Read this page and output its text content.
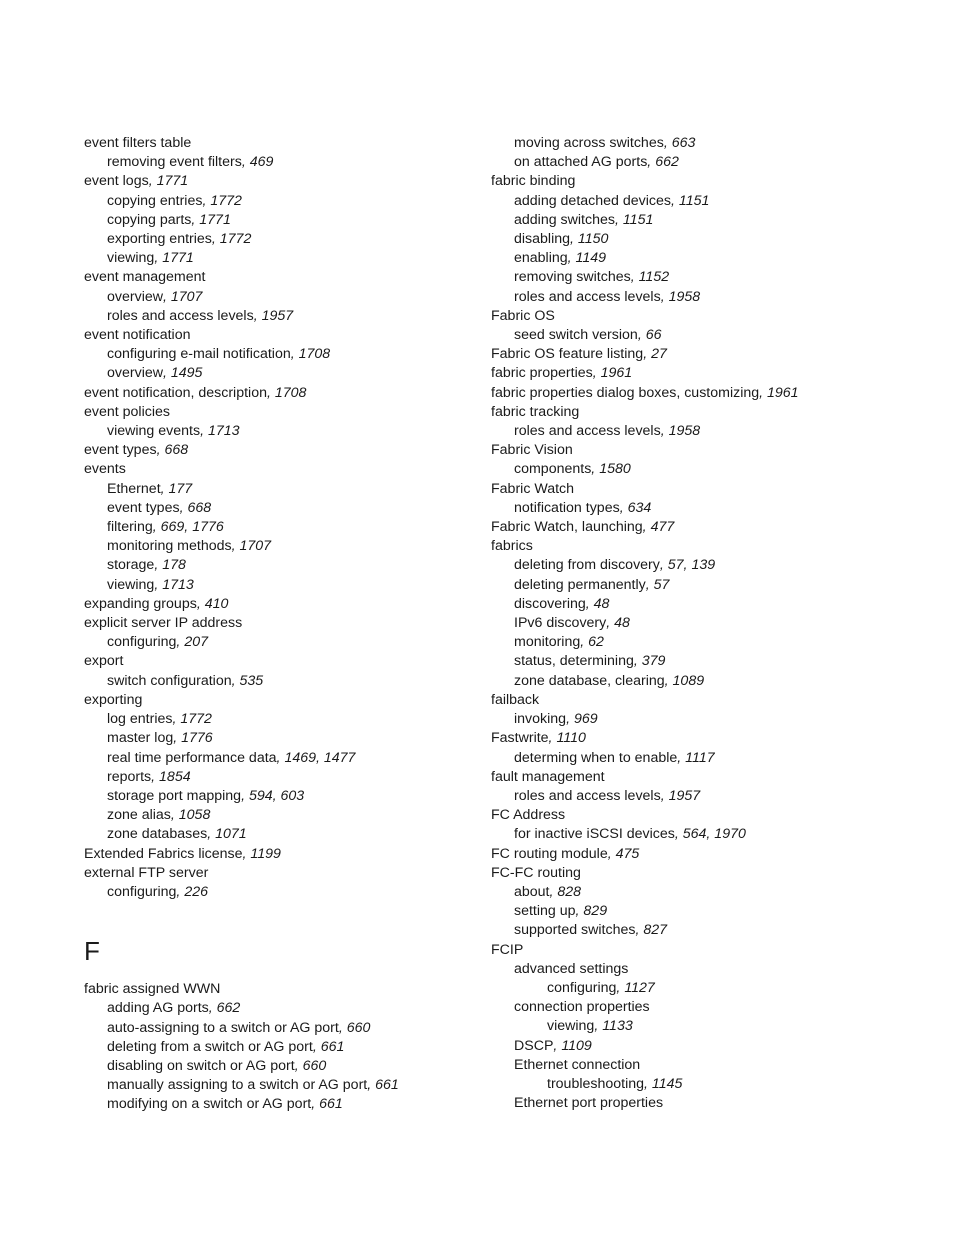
event filters table
removing event filters, 469
event logs, 1771
copying entries, 1772
copying parts, 1771
exporting entries, 1772
viewing, 1771
event management
overview, 1707
roles and access levels, 1957
event notification
configuring e-mail notification, 1708
overview, 1495
event notification, description, 1708
event policies
viewing events, 1713
event types, 668
events
Ethernet, 177
event types, 668
filtering, 669, 1776
monitoring methods, 1707
storage, 178
viewing, 1713
expanding groups, 410
explicit server IP address
configuring, 207
export
switch configuration, 535
exporting
log entries, 1772
master log, 1776
real time performance data, 1469, 1477
reports, 1854
storage port mapping, 594, 603
zone alias, 1058
zone databases, 1071
Extended Fabrics license, 1199
external FTP server
configuring, 226
F
fabric assigned WWN
adding AG ports, 662
auto-assigning to a switch or AG port, 660
deleting from a switch or AG port, 661
disabling on switch or AG port, 660
manually assigning to a switch or AG port, 661
modifying on a switch or AG port, 661
moving across switches, 663
on attached AG ports, 662
fabric binding
adding detached devices, 1151
adding switches, 1151
disabling, 1150
enabling, 1149
removing switches, 1152
roles and access levels, 1958
Fabric OS
seed switch version, 66
Fabric OS feature listing, 27
fabric properties, 1961
fabric properties dialog boxes, customizing, 1961
fabric tracking
roles and access levels, 1958
Fabric Vision
components, 1580
Fabric Watch
notification types, 634
Fabric Watch, launching, 477
fabrics
deleting from discovery, 57, 139
deleting permanently, 57
discovering, 48
IPv6 discovery, 48
monitoring, 62
status, determining, 379
zone database, clearing, 1089
failback
invoking, 969
Fastwrite, 1110
determing when to enable, 1117
fault management
roles and access levels, 1957
FC Address
for inactive iSCSI devices, 564, 1970
FC routing module, 475
FC-FC routing
about, 828
setting up, 829
supported switches, 827
FCIP
advanced settings
configuring, 1127
connection properties
viewing, 1133
DSCP, 1109
Ethernet connection
troubleshooting, 1145
Ethernet port properties
